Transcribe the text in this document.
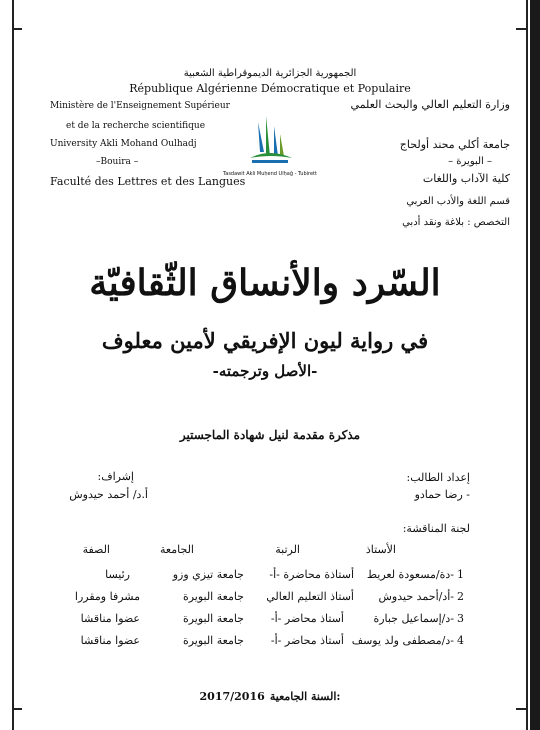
الجمهورية الجزائرية الديموقراطية الشعبية
République Algérienne Démocratique et Populaire
Ministère de l'Enseignement Supérieur
et de la recherche scientifique
University Akli Mohand Oulhadj
–Bouira –
Faculté des Lettres et des Langues
Tasdawit Akli Muḥend Ulḥağ - Tubirett
وزارة التعليم العالي والبحث العلمي
جامعة أكلي محند أولحاج
– البويرة –
كلية الآداب واللغات
قسم اللغة والأدب العربي
التخصص : بلاغة ونقد أدبي
السّرد والأنساق الثّقافيّة
في رواية ليون الإفريقي لأمين معلوف
-الأصل وترجمته-
مذكرة مقدمة لنيل شهادة الماجستير
إعداد الطالب:
- رضا حمادو
إشراف:
أ.د/ أحمد حيدوش
لجنة المناقشة:
الأستاذ
الرتبة
الجامعة
الصفة
1
-دة/مسعودة لعريط
أستاذة محاضرة -أ-
جامعة تيزي وزو
رئيسا
2
-أد/أحمد حيدوش
أستاذ التعليم العالي
جامعة البويرة
مشرفا ومقررا
3
-د/إسماعيل جبارة
أستاذ محاضر -أ-
جامعة البويرة
عضوا مناقشا
4
-د/مصطفى ولد يوسف
أستاذ محاضر -أ-
جامعة البويرة
عضوا مناقشا
2017/2016 السنة الجامعية:
